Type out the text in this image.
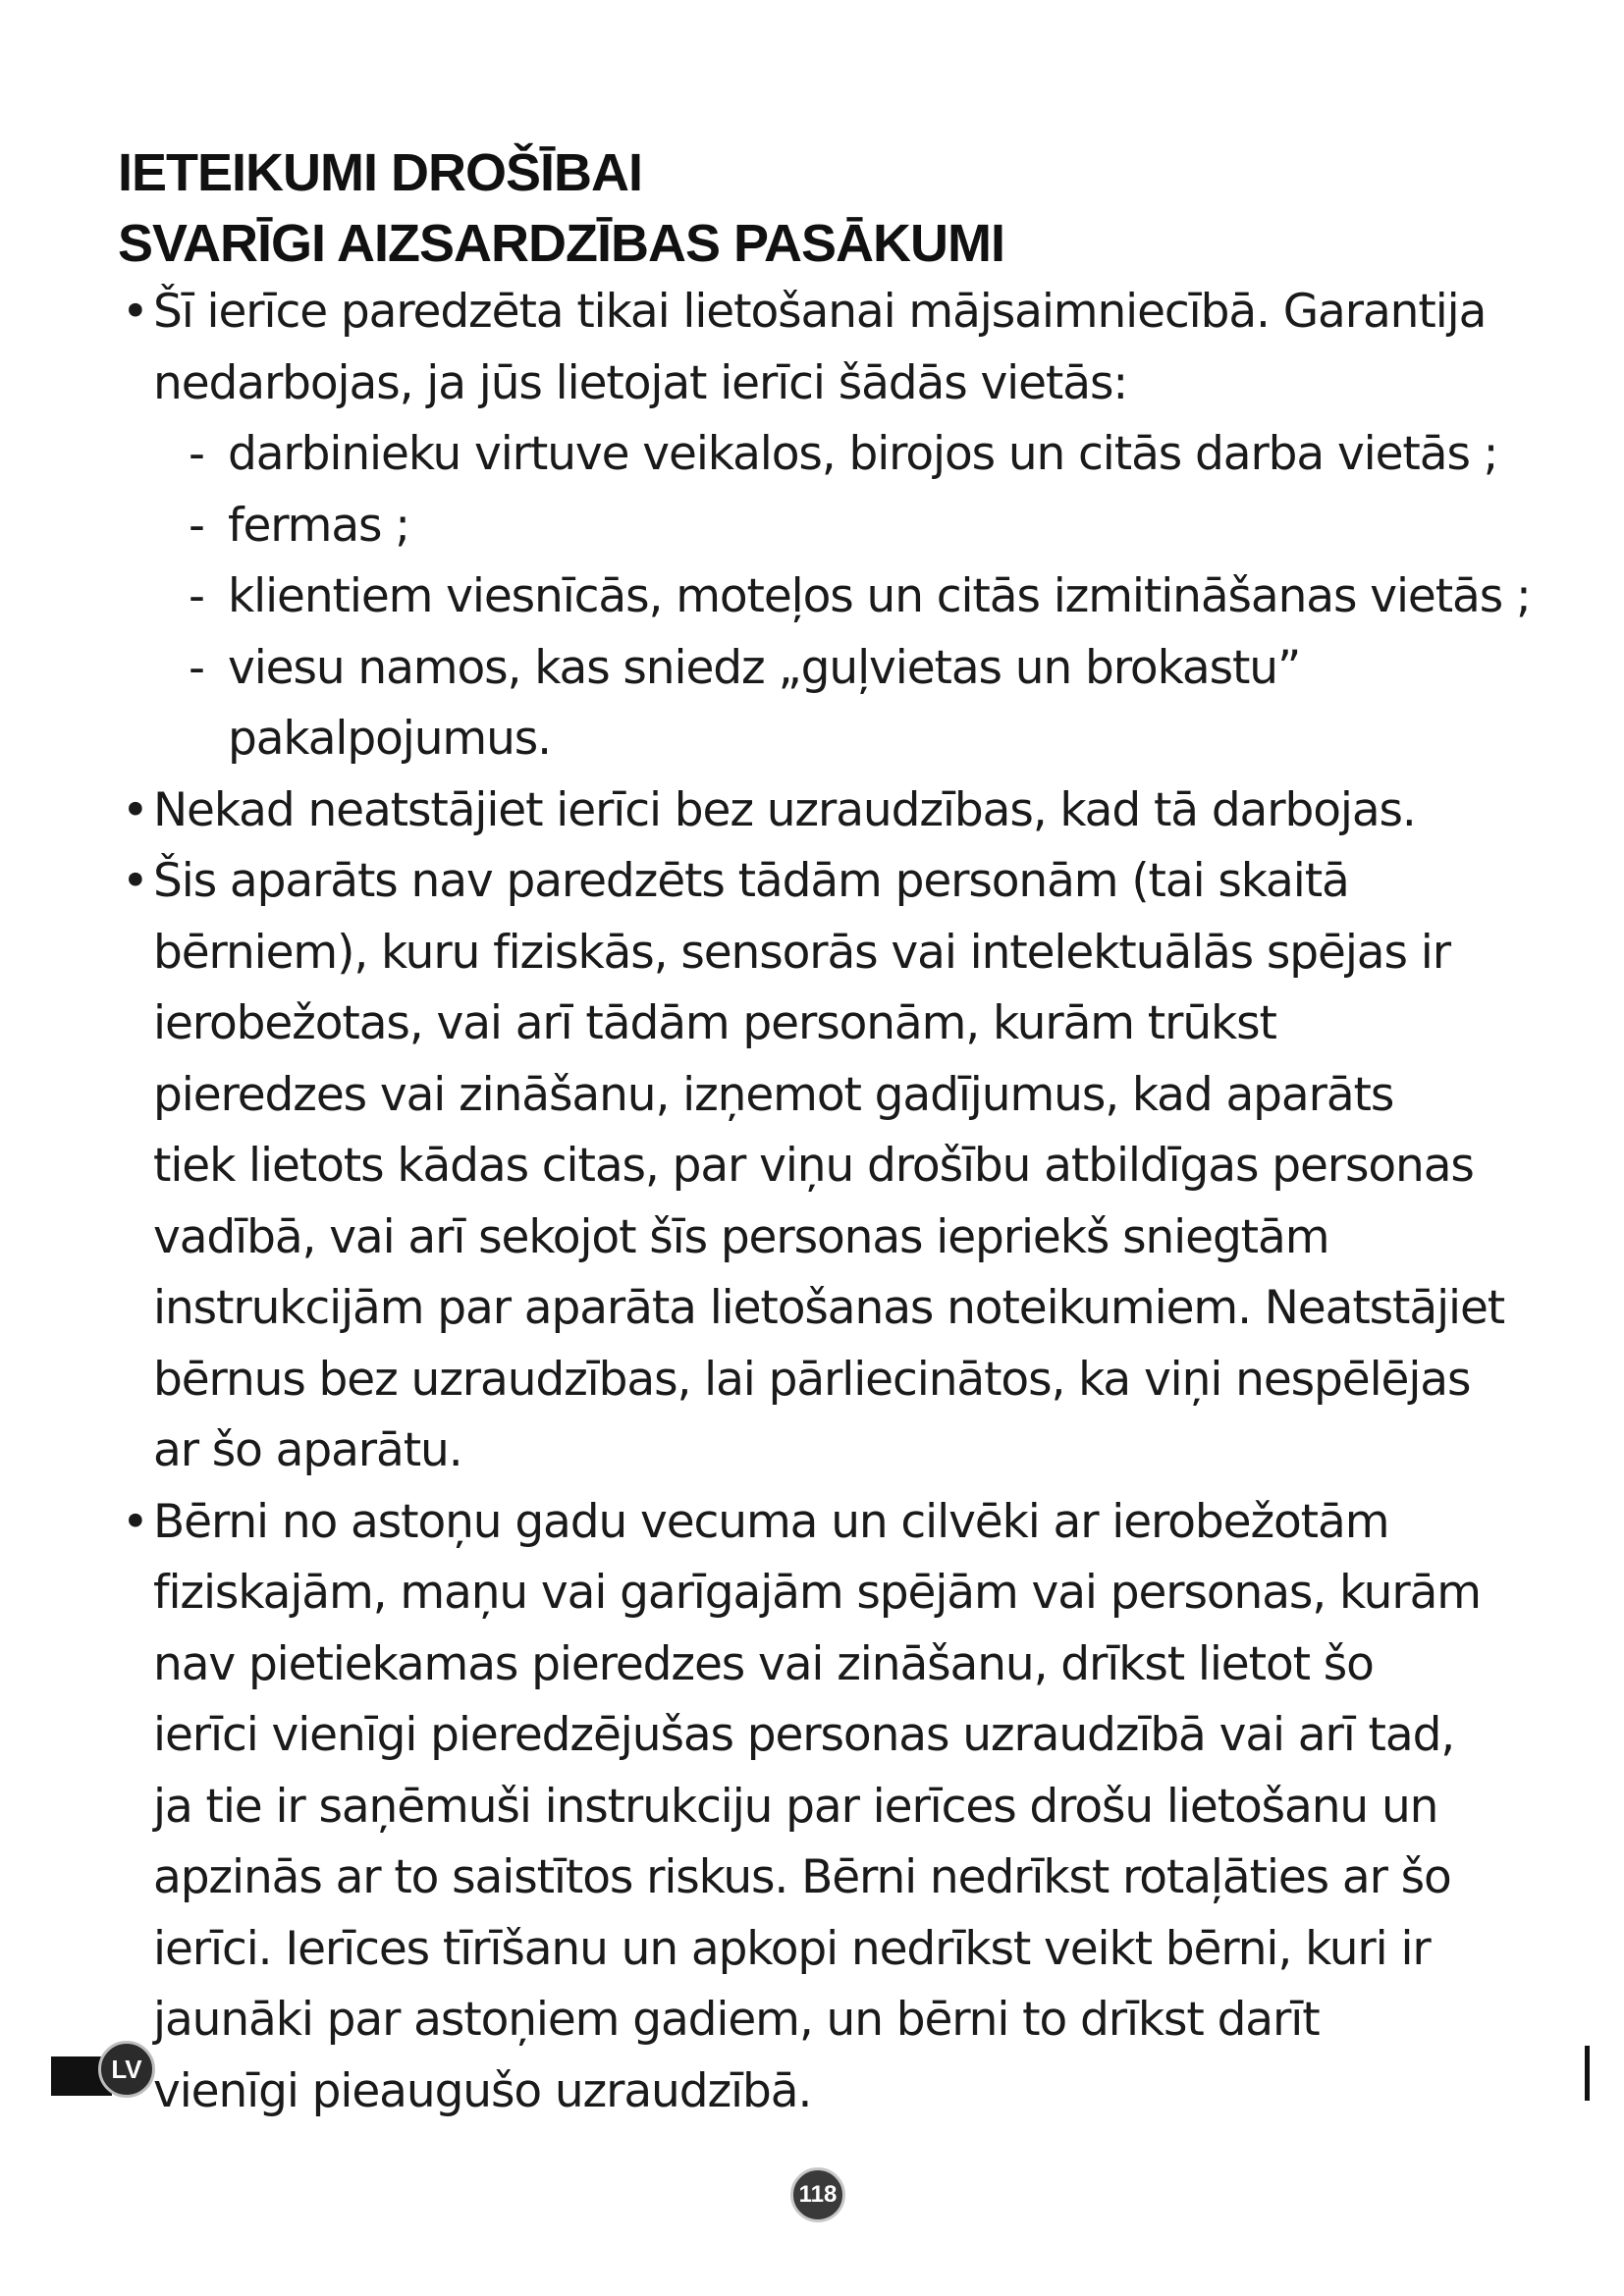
IETEIKUMI DROŠĪBAI
SVARĪGI AIZSARDZĪBAS PASĀKUMI
• Šī ierīce paredzēta tikai lietošanai mājsaimniecībā. Garantija
nedarbojas, ja jūs lietojat ierīci šādās vietās:
- darbinieku virtuve veikalos, birojos un citās darba vietās ;
- fermas ;
- klientiem viesnīcās, moteļos un citās izmitināšanas vietās ;
- viesu namos, kas sniedz „guļvietas un brokastu”
pakalpojumus.
• Nekad neatstājiet ierīci bez uzraudzības, kad tā darbojas.
• Šis aparāts nav paredzēts tādām personām (tai skaitā
bērniem), kuru fiziskās, sensorās vai intelektuālās spējas ir
ierobežotas, vai arī tādām personām, kurām trūkst
pieredzes vai zināšanu, izņemot gadījumus, kad aparāts
tiek lietots kādas citas, par viņu drošību atbildīgas personas
vadībā, vai arī sekojot šīs personas iepriekš sniegtām
instrukcijām par aparāta lietošanas noteikumiem. Neatstājiet
bērnus bez uzraudzības, lai pārliecinātos, ka viņi nespēlējas
ar šo aparātu.
• Bērni no astoņu gadu vecuma un cilvēki ar ierobežotām
fiziskajām, maņu vai garīgajām spējām vai personas, kurām
nav pietiekamas pieredzes vai zināšanu, drīkst lietot šo
ierīci vienīgi pieredzējušas personas uzraudzībā vai arī tad,
ja tie ir saņēmuši instrukciju par ierīces drošu lietošanu un
apzinās ar to saistītos riskus. Bērni nedrīkst rotaļāties ar šo
ierīci. Ierīces tīrīšanu un apkopi nedrīkst veikt bērni, kuri ir
jaunāki par astoņiem gadiem, un bērni to drīkst darīt
vienīgi pieaugušo uzraudzībā.
LV
118
